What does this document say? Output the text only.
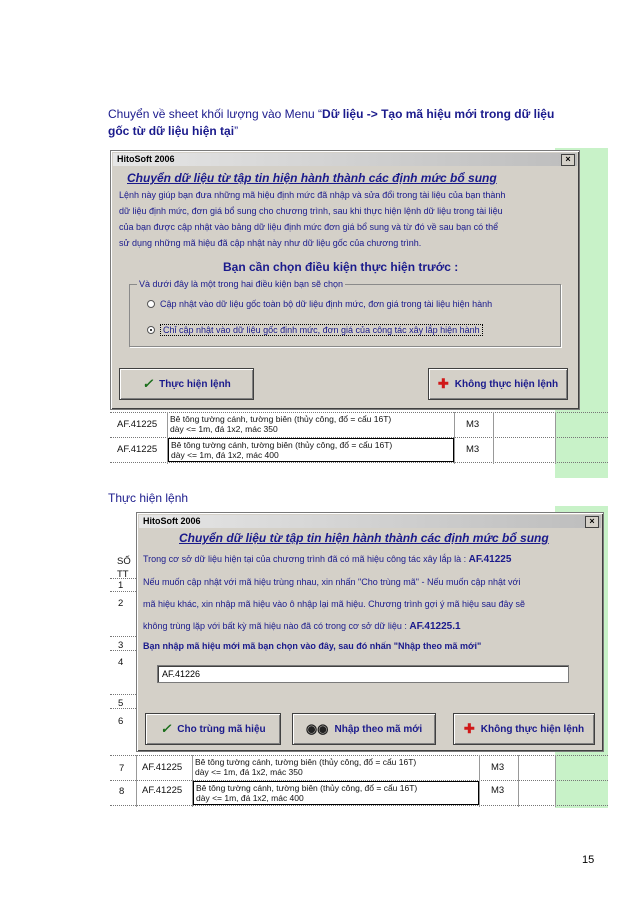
Chuyển về sheet khối lượng vào Menu “Dữ liệu -> Tạo mã hiệu mới trong dữ liệu
gốc từ dữ liệu hiện tại”
AF.41225 Bê tông tường cánh, tường biên (thủy công, đổ = cẩu 16T)
dày <= 1m, đá 1x2, mác 350	M3
AF.41225 Bê tông tường cánh, tường biên (thủy công, đổ = cẩu 16T)
dày <= 1m, đá 1x2, mác 400	M3
HitoSoft 2006	×
Chuyển dữ liệu từ tập tin hiện hành thành các định mức bổ sung
Lệnh này giúp bạn đưa những mã hiệu định mức đã nhập và sửa đổi trong tài liệu của bạn thành
dữ liệu định mức, đơn giá bổ sung cho chương trình, sau khi thực hiện lệnh dữ liệu trong tài liệu
của bạn được cập nhật vào bảng dữ liệu định mức đơn giá bổ sung và từ đó về sau bạn có thể
sử dụng những mã hiệu đã cập nhật này như dữ liệu gốc của chương trình.
Bạn cần chọn điều kiện thực hiện trước :
Và dưới đây là một trong hai điều kiện bạn sẽ chọn
Cập nhật vào dữ liệu gốc toàn bộ dữ liệu định mức, đơn giá trong tài liệu hiện hành
Chỉ cập nhật vào dữ liệu gốc định mức, đơn giá của công tác xây lắp hiện hành
✓ Thực hiện lệnh	✚ Không thực hiện lệnh
Thực hiện lệnh
SỐ
TT
1
2
3
4
5
6
7 AF.41225 Bê tông tường cánh, tường biên (thủy công, đổ = cẩu 16T)
dày <= 1m, đá 1x2, mác 350	M3
8 AF.41225 Bê tông tường cánh, tường biên (thủy công, đổ = cẩu 16T)
dày <= 1m, đá 1x2, mác 400
M3
HitoSoft 2006	×
Chuyển dữ liệu từ tập tin hiện hành thành các định mức bổ sung
Trong cơ sở dữ liệu hiện tại của chương trình đã có mã hiệu công tác xây lắp là : AF.41225
Nếu muốn cập nhật với mã hiệu trùng nhau, xin nhấn "Cho trùng mã" - Nếu muốn cập nhật với
mã hiệu khác, xin nhập mã hiệu vào ô nhập lại mã hiệu. Chương trình gợi ý mã hiệu sau đây sẽ
không trùng lặp với bất kỳ mã hiệu nào đã có trong cơ sở dữ liệu : AF.41225.1
Bạn nhập mã hiệu mới mã bạn chọn vào đây, sau đó nhấn "Nhập theo mã mới"
AF.41226
✓ Cho trùng mã hiệu	◉◉ Nhập theo mã mới	✚ Không thực hiện lệnh
15
